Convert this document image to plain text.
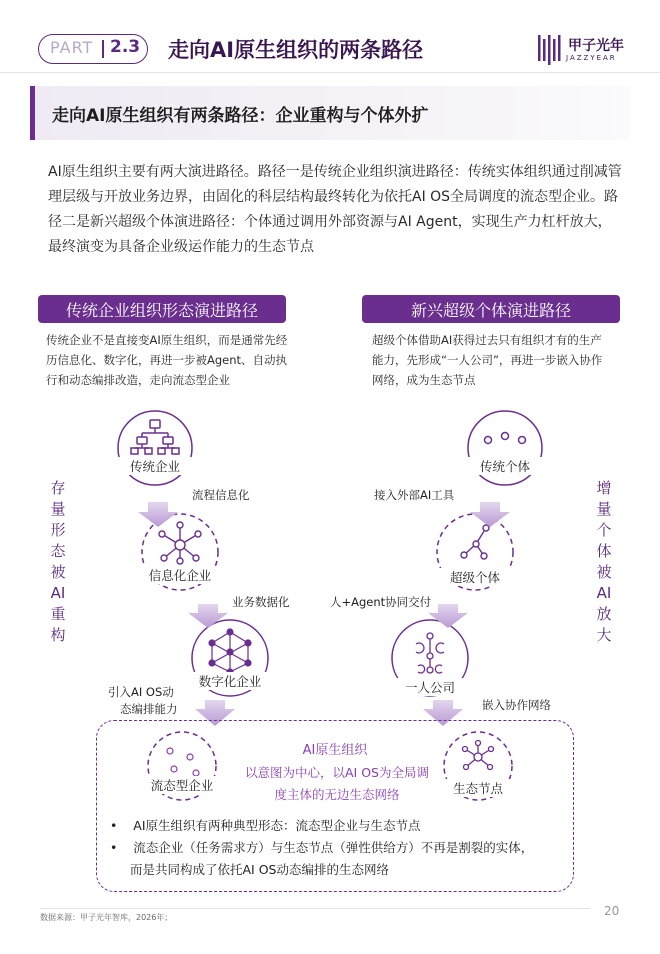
PART 2.3 走向AI原生组织的两条路径	甲子光年
JAZZYEAR
走向AI原生组织有两条路径：企业重构与个体外扩
AI原生组织主要有两大演进路径。路径一是传统企业组织演进路径：传统实体组织通过削减管理层级与开放业务边界，由固化的科层结构最终转化为依托AI OS全局调度的流态型企业。路径二是新兴超级个体演进路径：个体通过调用外部资源与AI Agent，实现生产力杠杆放大，最终演变为具备企业级运作能力的生态节点
传统企业组织形态演进路径	新兴超级个体演进路径
传统企业不是直接变AI原生组织，而是通常先经历信息化、数字化，再进一步被Agent、自动执行和动态编排改造，走向流态型企业
超级个体借助AI获得过去只有组织才有的生产能力，先形成“一人公司”，再进一步嵌入协作网络，成为生态节点
存
量
形
态
被
AI
重
构
增
量
个
体
被
AI
放
大
传统企业
信息化企业
数字化企业
传统个体
超级个体
一人公司
流程信息化
业务数据化
引入AI OS动
态编排能力
接入外部AI工具
人+Agent协同交付
嵌入协作网络
流态型企业	生态节点
AI原生组织
以意图为中心，以AI OS为全局调度主体的无边生态网络
•    AI原生组织有两种典型形态：流态型企业与生态节点
•    流态企业（任务需求方）与生态节点（弹性供给方）不再是割裂的实体，
而是共同构成了依托AI OS动态编排的生态网络
数据来源：甲子光年智库，2026年；	20
